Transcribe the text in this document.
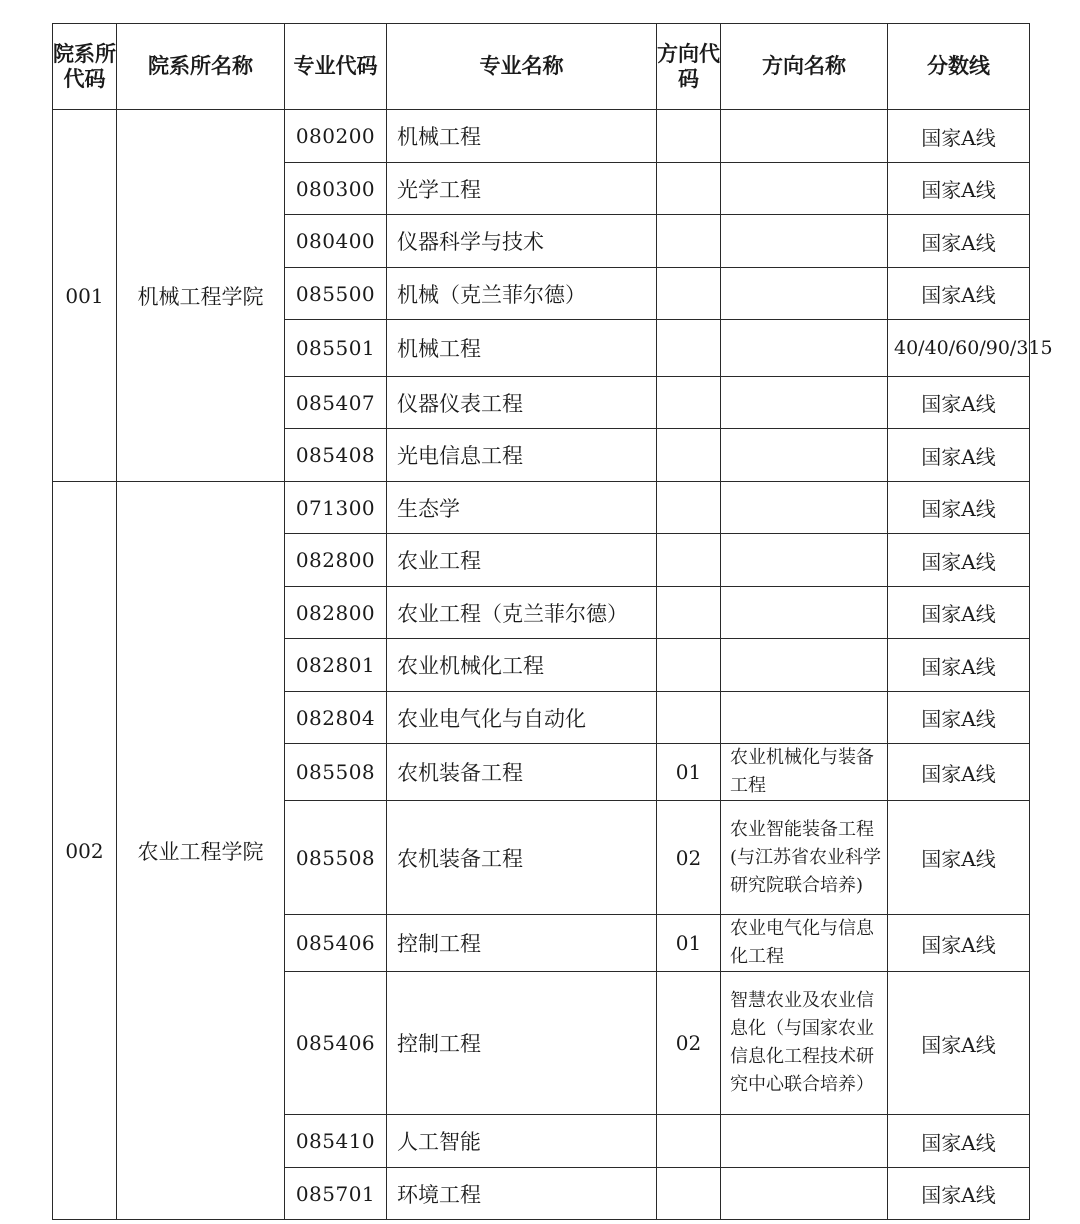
院系所代码	院系所名称	专业代码	专业名称	方向代码	方向名称	分数线
001	机械工程学院	080200	机械工程			国家A线
		080300	光学工程			国家A线
		080400	仪器科学与技术			国家A线
		085500	机械（克兰菲尔德）			国家A线
		085501	机械工程			40/40/60/90/315
		085407	仪器仪表工程			国家A线
		085408	光电信息工程			国家A线
002	农业工程学院	071300	生态学			国家A线
		082800	农业工程			国家A线
		082800	农业工程（克兰菲尔德）			国家A线
		082801	农业机械化工程			国家A线
		082804	农业电气化与自动化			国家A线
		085508	农机装备工程	01	农业机械化与装备工程	国家A线
		085508	农机装备工程	02	农业智能装备工程(与江苏省农业科学研究院联合培养)	国家A线
		085406	控制工程	01	农业电气化与信息化工程	国家A线
		085406	控制工程	02	智慧农业及农业信息化（与国家农业信息化工程技术研究中心联合培养）	国家A线
		085410	人工智能			国家A线
		085701	环境工程			国家A线
